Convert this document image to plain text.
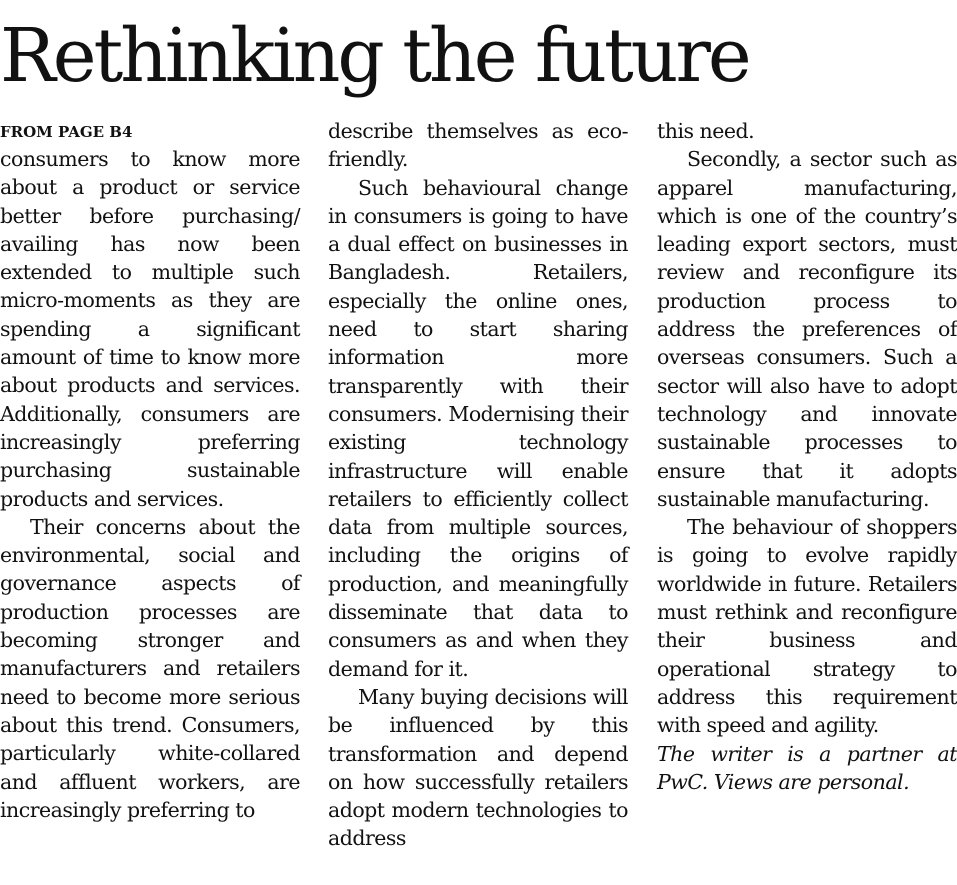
Rethinking the future
FROM PAGE B4

consumers to know more about a product or service better before purchasing/ availing has now been extended to multiple such micro-moments as they are spending a significant amount of time to know more about products and services. Additionally, consumers are increasingly preferring purchasing sustainable products and services.

Their concerns about the environmental, social and governance aspects of production processes are becoming stronger and manufacturers and retailers need to become more serious about this trend. Consumers, particularly white-collared and affluent workers, are increasingly preferring to

describe themselves as eco-friendly.

Such behavioural change in consumers is going to have a dual effect on businesses in Bangladesh. Retailers, especially the online ones, need to start sharing information more transparently with their consumers. Modernising their existing technology infrastructure will enable retailers to efficiently collect data from multiple sources, including the origins of production, and meaningfully disseminate that data to consumers as and when they demand for it.

Many buying decisions will be influenced by this transformation and depend on how successfully retailers adopt modern technologies to address

this need.

Secondly, a sector such as apparel manufacturing, which is one of the country’s leading export sectors, must review and reconfigure its production process to address the preferences of overseas consumers. Such a sector will also have to adopt technology and innovate sustainable processes to ensure that it adopts sustainable manufacturing.

The behaviour of shoppers is going to evolve rapidly worldwide in future. Retailers must rethink and reconfigure their business and operational strategy to address this requirement with speed and agility.

The writer is a partner at PwC. Views are personal.
